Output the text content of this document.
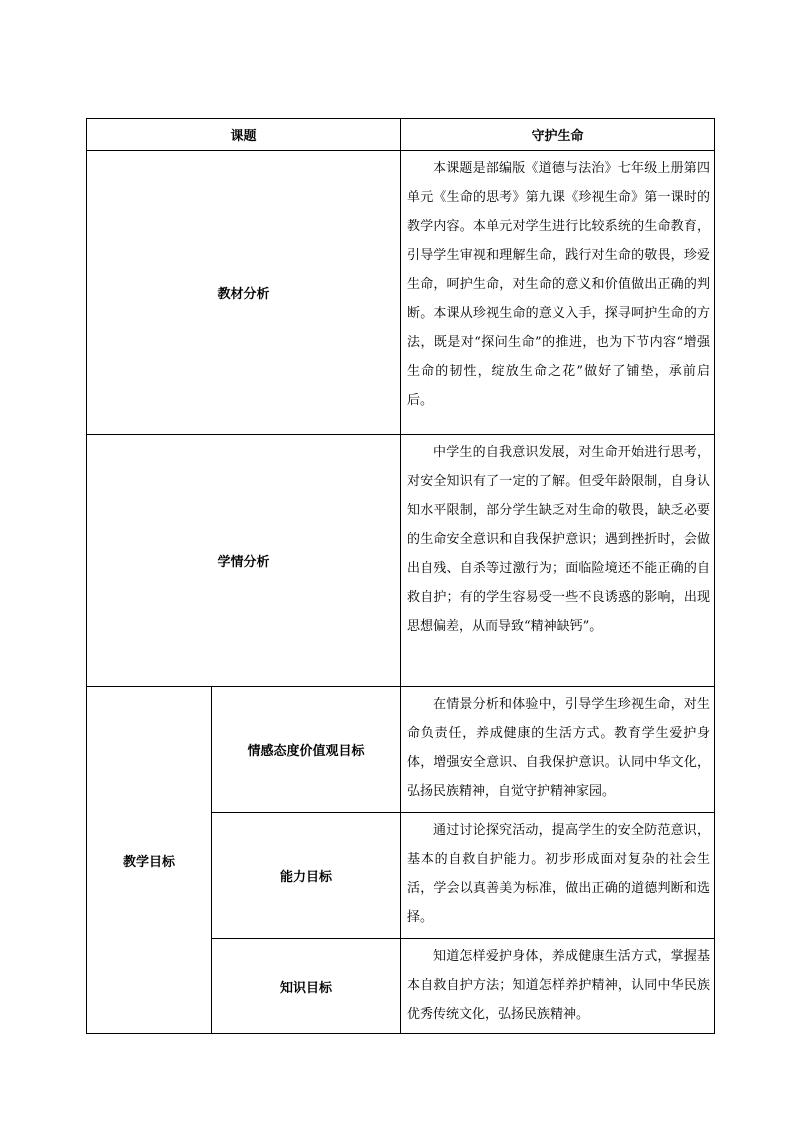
课题		守护生命
教材分析		本课题是部编版《道德与法治》七年级上册第四单元《生命的思考》第九课《珍视生命》第一课时的教学内容。本单元对学生进行比较系统的生命教育，引导学生审视和理解生命，践行对生命的敬畏，珍爱生命，呵护生命，对生命的意义和价值做出正确的判断。本课从珍视生命的意义入手，探寻呵护生命的方法，既是对“探问生命”的推进，也为下节内容“增强生命的韧性，绽放生命之花”做好了铺垫，承前启后。

学情分析		中学生的自我意识发展，对生命开始进行思考，对安全知识有了一定的了解。但受年龄限制，自身认知水平限制，部分学生缺乏对生命的敬畏，缺乏必要的生命安全意识和自我保护意识；遇到挫折时，会做出自残、自杀等过激行为；面临险境还不能正确的自救自护；有的学生容易受一些不良诱惑的影响，出现思想偏差，从而导致“精神缺钙”。

教学目标	情感态度价值观目标	在情景分析和体验中，引导学生珍视生命，对生命负责任，养成健康的生活方式。教育学生爱护身体，增强安全意识、自我保护意识。认同中华文化，弘扬民族精神，自觉守护精神家园。

	能力目标	通过讨论探究活动，提高学生的安全防范意识，基本的自救自护能力。初步形成面对复杂的社会生活，学会以真善美为标准，做出正确的道德判断和选择。

	知识目标	知道怎样爱护身体，养成健康生活方式，掌握基本自救自护方法；知道怎样养护精神，认同中华民族优秀传统文化，弘扬民族精神。
